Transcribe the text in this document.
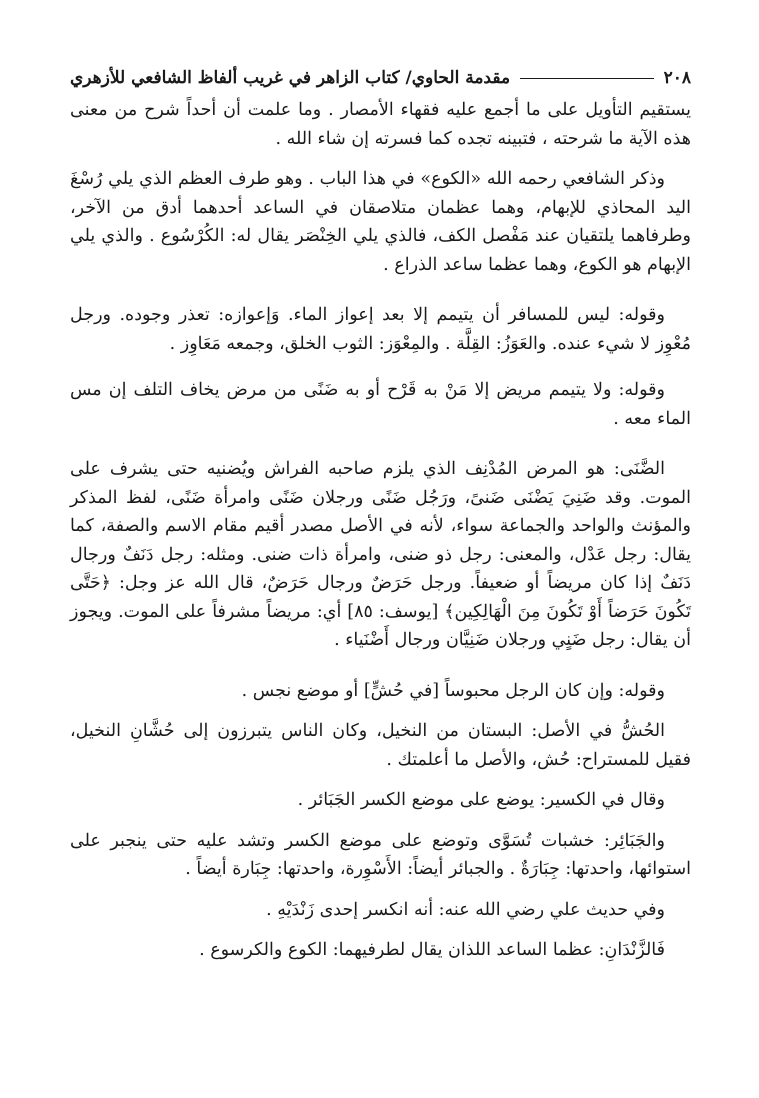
٢٠٨
مقدمة الحاوي/ كتاب الزاهر في غريب ألفاظ الشافعي للأزهري

يستقيم التأويل على ما أجمع عليه فقهاء الأمصار . وما علمت أن أحداً شرح من معنى هذه الآية ما شرحته ، فتبينه تجده كما فسرته إن شاء الله .

وذكر الشافعي رحمه الله «الكوع» في هذا الباب . وهو طرف العظم الذي يلي رُسْغَ اليد المحاذي للإبهام، وهما عظمان متلاصقان في الساعد أحدهما أدق من الآخر، وطرفاهما يلتقيان عند مَفْصل الكف، فالذي يلي الخِنْصَر يقال له: الكُرْسُوع . والذي يلي الإبهام هو الكوع، وهما عظما ساعد الذراع .

وقوله: ليس للمسافر أن يتيمم إلا بعد إعواز الماء. وَإعوازه: تعذر وجوده. ورجل مُعْوِز لا شيء عنده. والعَوَزُ: القِلَّة . والمِعْوَز: الثوب الخلق، وجمعه مَعَاوِز .

وقوله: ولا يتيمم مريض إلا مَنْ به قَرْح أو به ضَنًى من مرض يخاف التلف إن مس الماء معه .

الضَّنَى: هو المرض المُدْنِف الذي يلزم صاحبه الفراش ويُضنيه حتى يشرف على الموت. وقد ضَنِيَ يَضْنَى ضَنىً، ورَجُل ضَنًى ورجلان ضَنًى وامرأة ضَنًى، لفظ المذكر والمؤنث والواحد والجماعة سواء، لأنه في الأصل مصدر أقيم مقام الاسم والصفة، كما يقال: رجل عَدْل، والمعنى: رجل ذو ضنى، وامرأة ذات ضنى. ومثله: رجل دَنَفٌ ورجال دَنَفٌ إذا كان مريضاً أو ضعيفاً. ورجل حَرَضٌ ورجال حَرَضٌ، قال الله عز وجل: ﴿حَتَّى تَكُونَ حَرَضاً أَوْ تَكُونَ مِنَ الْهَالِكِين﴾ [يوسف: ٨٥] أي: مريضاً مشرفاً على الموت. ويجوز أن يقال: رجل ضَنٍي ورجلان ضَنِيَّان ورجال أَضْنَياء .

وقوله: وإن كان الرجل محبوساً [في حُشٍّ] أو موضع نجس .

الحُشُّ في الأصل: البستان من النخيل، وكان الناس يتبرزون إلى حُشَّانِ النخيل، فقيل للمستراح: حُش، والأصل ما أعلمتك .

وقال في الكسير: يوضع على موضع الكسر الجَبَائر .

والجَبَائِر: خشبات تُسَوَّى وتوضع على موضع الكسر وتشد عليه حتى ينجبر على استوائها، واحدتها: جِبَارَةٌ . والجبائر أيضاً: الأَسْوِرة، واحدتها: جِبَارة أيضاً .

وفي حديث علي رضي الله عنه: أنه انكسر إحدى زَنْدَيْهِ .

فَالزَّنْدَانِ: عظما الساعد اللذان يقال لطرفيهما: الكوع والكرسوع .
